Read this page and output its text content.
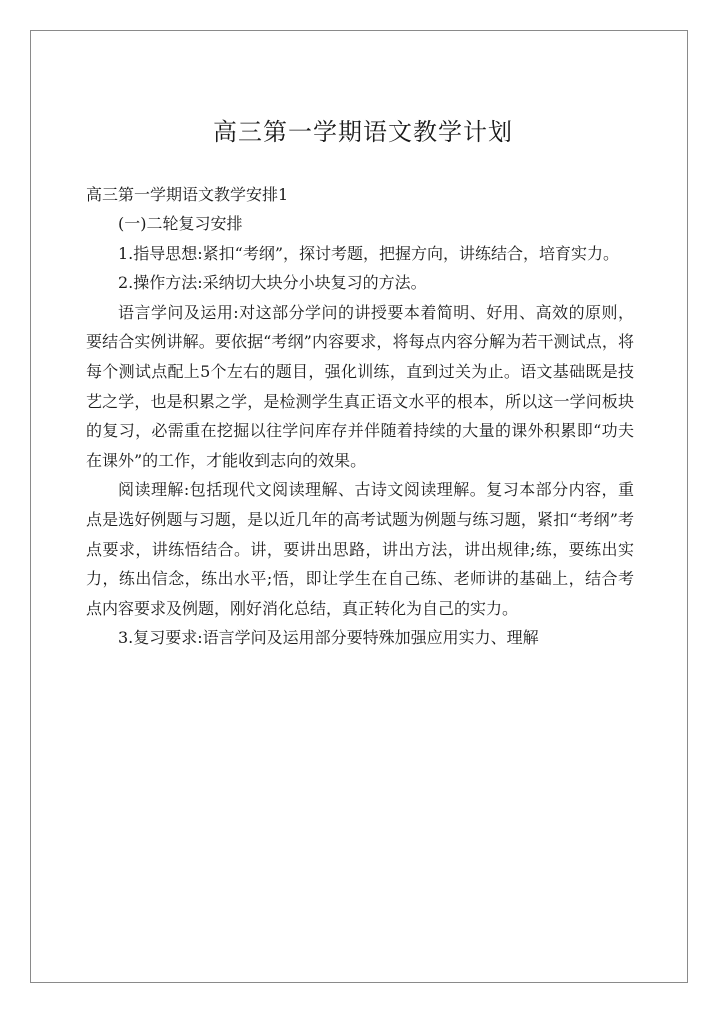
高三第一学期语文教学计划
高三第一学期语文教学安排1

(一)二轮复习安排

1.指导思想:紧扣“考纲”，探讨考题，把握方向，讲练结合，培育实力。

2.操作方法:采纳切大块分小块复习的方法。

语言学问及运用:对这部分学问的讲授要本着简明、好用、高效的原则，要结合实例讲解。要依据“考纲”内容要求，将每点内容分解为若干测试点，将每个测试点配上5个左右的题目，强化训练，直到过关为止。语文基础既是技艺之学，也是积累之学，是检测学生真正语文水平的根本，所以这一学问板块的复习，必需重在挖掘以往学问库存并伴随着持续的大量的课外积累即“功夫在课外”的工作，才能收到志向的效果。

阅读理解:包括现代文阅读理解、古诗文阅读理解。复习本部分内容，重点是选好例题与习题，是以近几年的高考试题为例题与练习题，紧扣“考纲”考点要求，讲练悟结合。讲，要讲出思路，讲出方法，讲出规律;练，要练出实力，练出信念，练出水平;悟，即让学生在自己练、老师讲的基础上，结合考点内容要求及例题，刚好消化总结，真正转化为自己的实力。

3.复习要求:语言学问及运用部分要特殊加强应用实力、理解
